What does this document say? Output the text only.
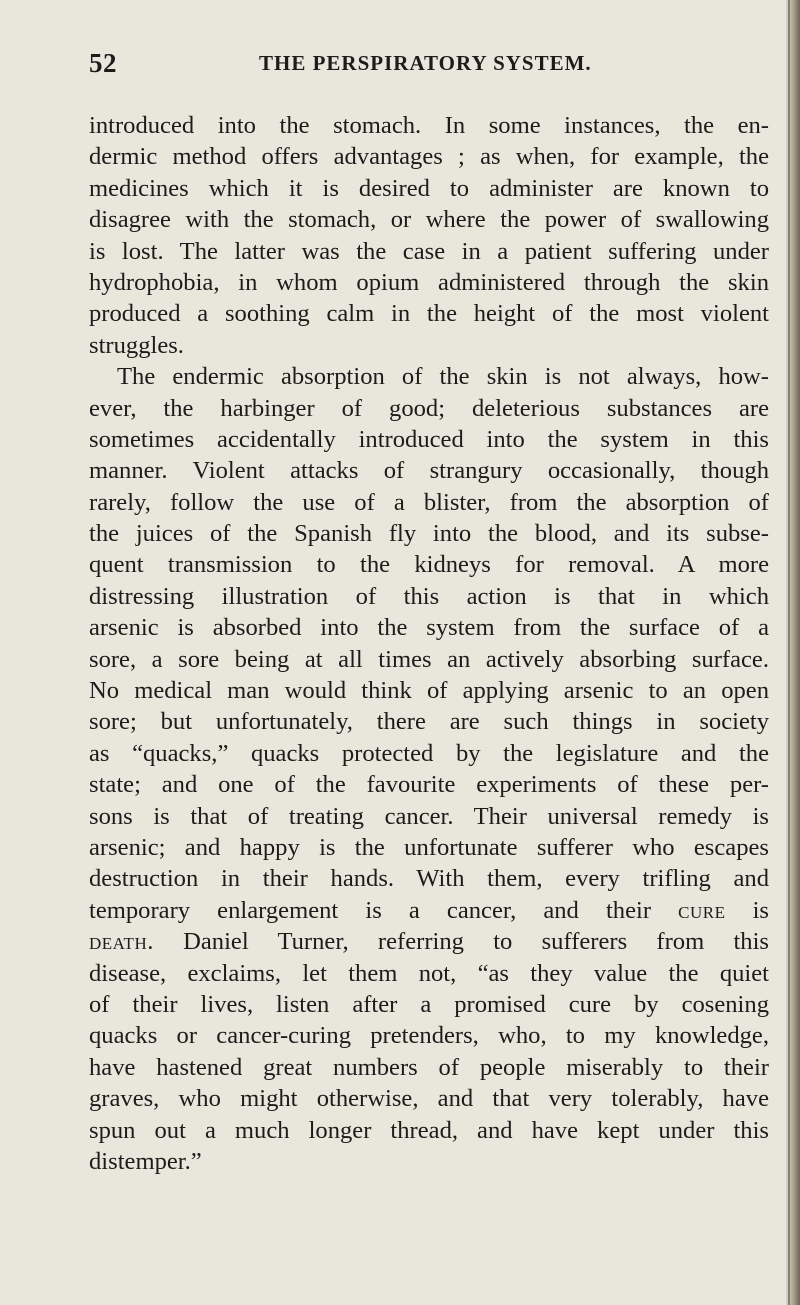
52	THE PERSPIRATORY SYSTEM.
introduced into the stomach. In some instances, the en-
dermic method offers advantages ; as when, for example, the
medicines which it is desired to administer are known to
disagree with the stomach, or where the power of swallowing
is lost. The latter was the case in a patient suffering under
hydrophobia, in whom opium administered through the skin
produced a soothing calm in the height of the most violent
struggles.
The endermic absorption of the skin is not always, how-
ever, the harbinger of good; deleterious substances are
sometimes accidentally introduced into the system in this
manner. Violent attacks of strangury occasionally, though
rarely, follow the use of a blister, from the absorption of
the juices of the Spanish fly into the blood, and its subse-
quent transmission to the kidneys for removal. A more
distressing illustration of this action is that in which
arsenic is absorbed into the system from the surface of a
sore, a sore being at all times an actively absorbing surface.
No medical man would think of applying arsenic to an open
sore; but unfortunately, there are such things in society
as “quacks,” quacks protected by the legislature and the
state; and one of the favourite experiments of these per-
sons is that of treating cancer. Their universal remedy is
arsenic; and happy is the unfortunate sufferer who escapes
destruction in their hands. With them, every trifling and
temporary enlargement is a cancer, and their cure is
death. Daniel Turner, referring to sufferers from this
disease, exclaims, let them not, “as they value the quiet
of their lives, listen after a promised cure by cosening
quacks or cancer-curing pretenders, who, to my knowledge,
have hastened great numbers of people miserably to their
graves, who might otherwise, and that very tolerably, have
spun out a much longer thread, and have kept under this
distemper.”
